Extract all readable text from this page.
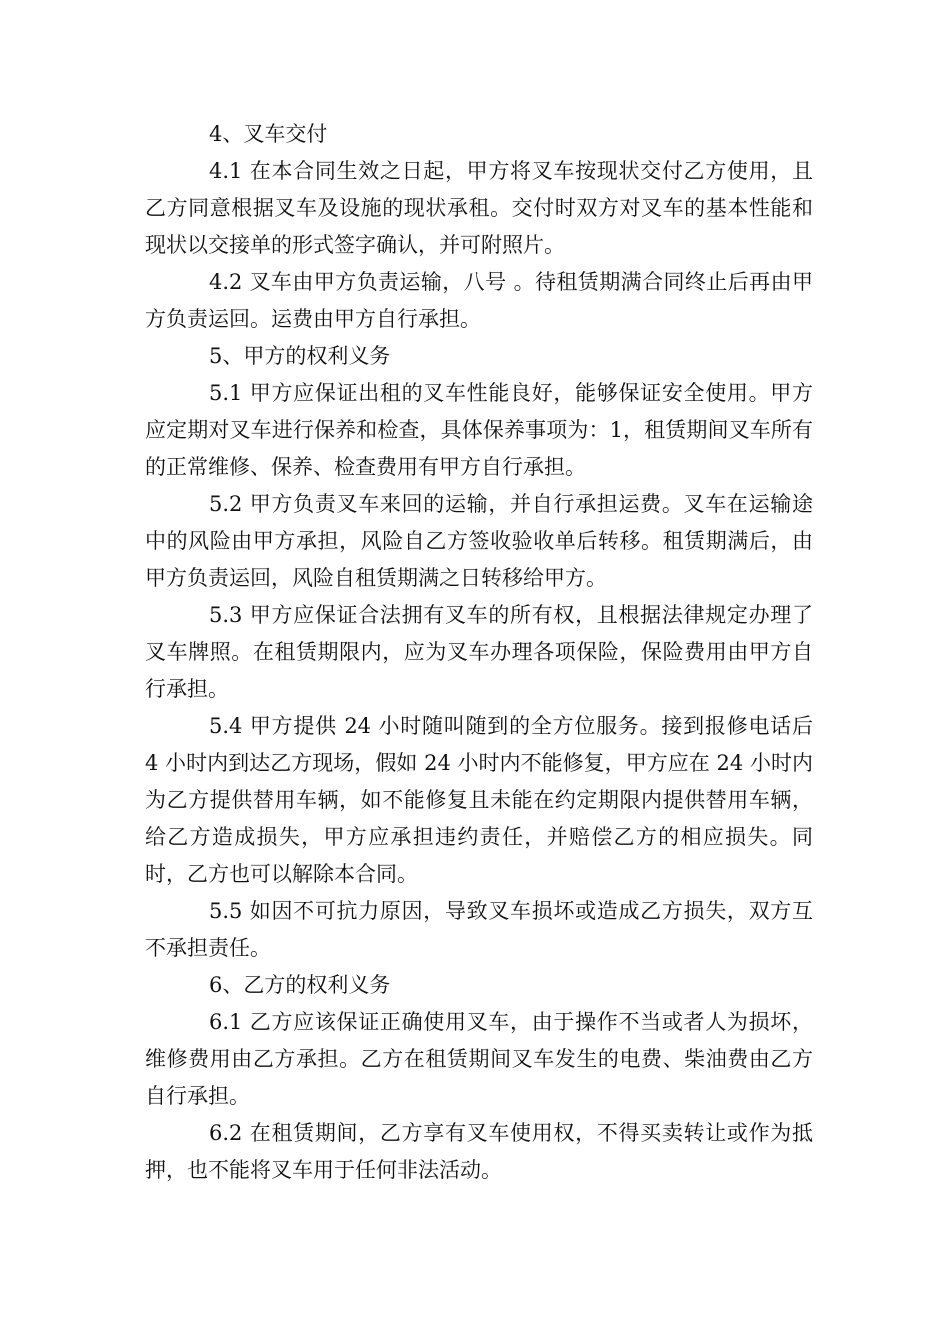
4、叉车交付

4.1 在本合同生效之日起，甲方将叉车按现状交付乙方使用，且乙方同意根据叉车及设施的现状承租。交付时双方对叉车的基本性能和现状以交接单的形式签字确认，并可附照片。

4.2 叉车由甲方负责运输，八号 。待租赁期满合同终止后再由甲方负责运回。运费由甲方自行承担。

5、甲方的权利义务

5.1 甲方应保证出租的叉车性能良好，能够保证安全使用。甲方应定期对叉车进行保养和检查，具体保养事项为：1，租赁期间叉车所有的正常维修、保养、检查费用有甲方自行承担。

5.2 甲方负责叉车来回的运输，并自行承担运费。叉车在运输途中的风险由甲方承担，风险自乙方签收验收单后转移。租赁期满后，由甲方负责运回，风险自租赁期满之日转移给甲方。

5.3 甲方应保证合法拥有叉车的所有权，且根据法律规定办理了叉车牌照。在租赁期限内，应为叉车办理各项保险，保险费用由甲方自行承担。

5.4 甲方提供 24 小时随叫随到的全方位服务。接到报修电话后 4 小时内到达乙方现场，假如 24 小时内不能修复，甲方应在 24 小时内为乙方提供替用车辆，如不能修复且未能在约定期限内提供替用车辆，给乙方造成损失，甲方应承担违约责任，并赔偿乙方的相应损失。同时，乙方也可以解除本合同。

5.5 如因不可抗力原因，导致叉车损坏或造成乙方损失，双方互不承担责任。

6、乙方的权利义务

6.1 乙方应该保证正确使用叉车，由于操作不当或者人为损坏，维修费用由乙方承担。乙方在租赁期间叉车发生的电费、柴油费由乙方自行承担。

6.2 在租赁期间，乙方享有叉车使用权，不得买卖转让或作为抵押，也不能将叉车用于任何非法活动。
